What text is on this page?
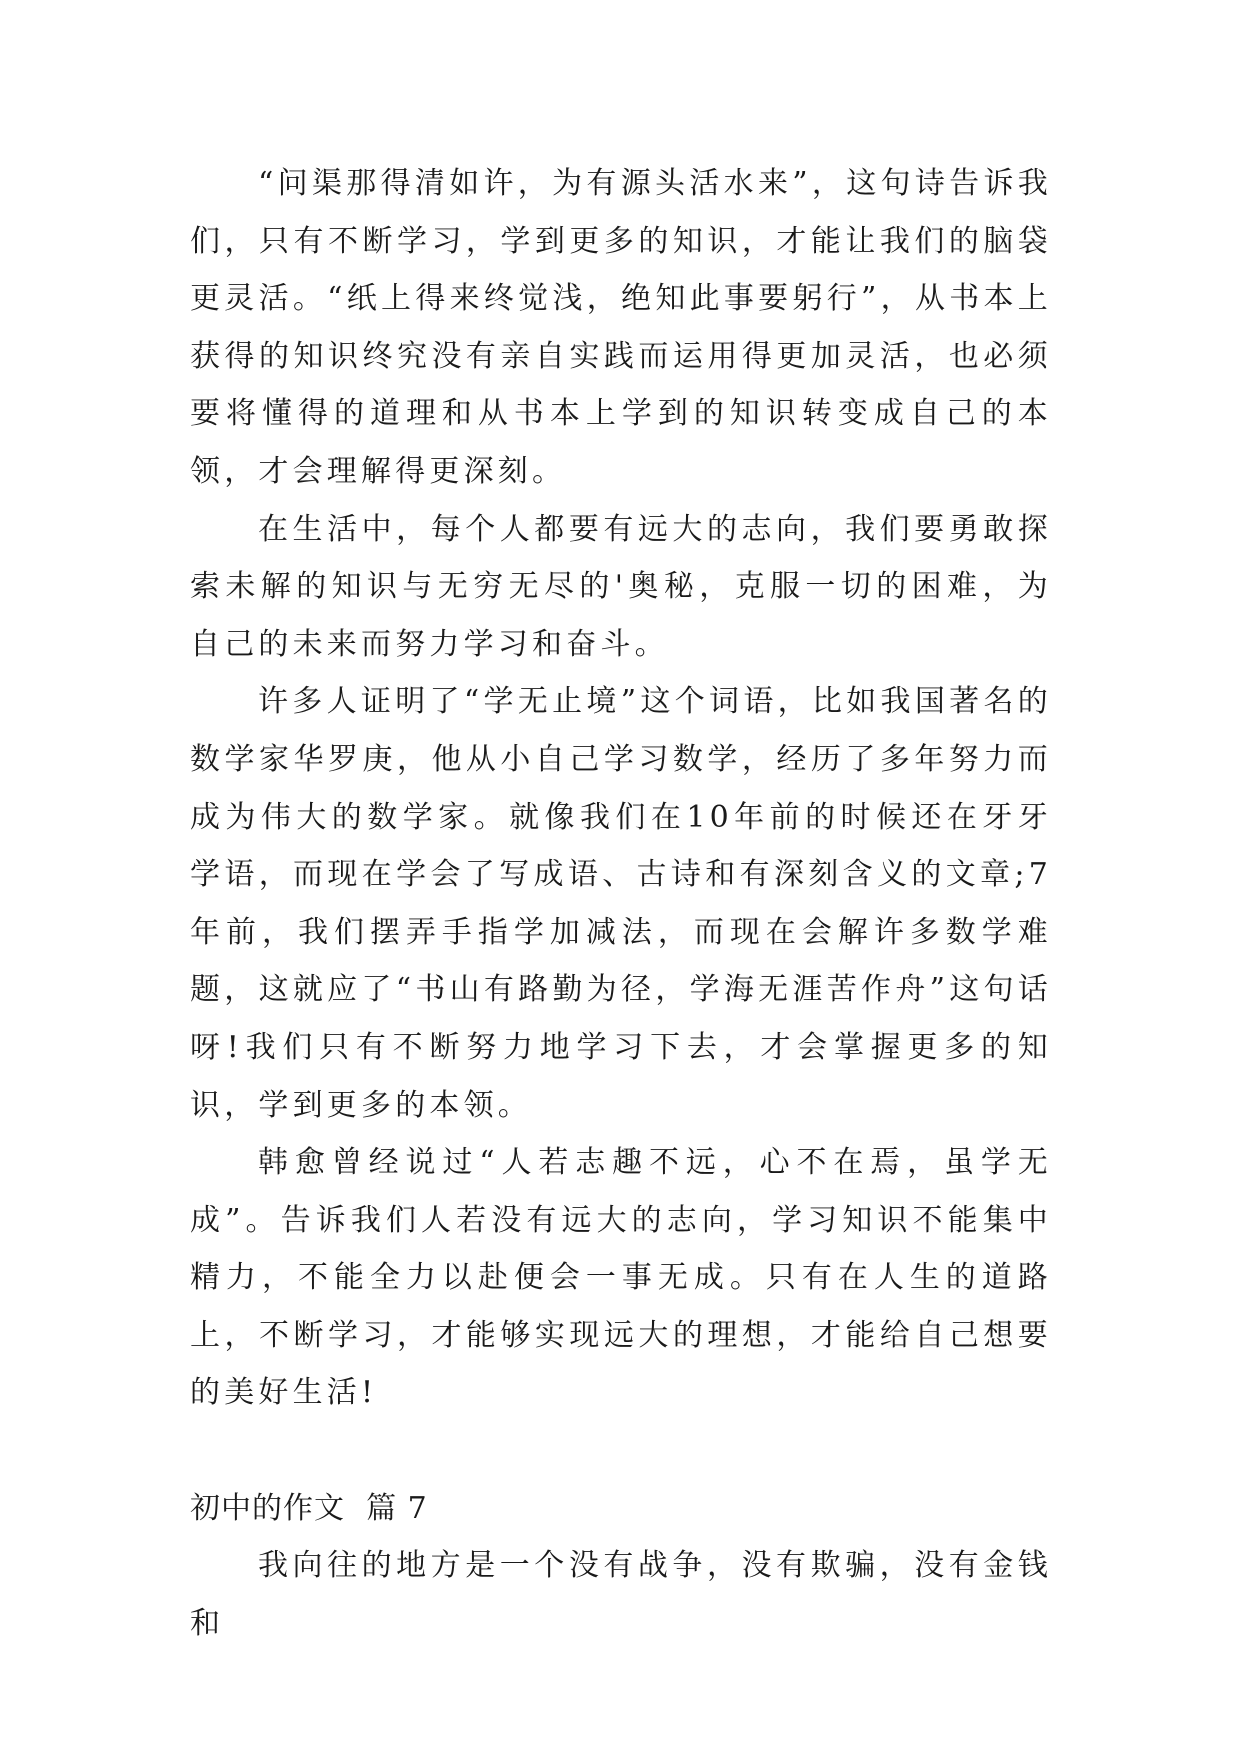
“问渠那得清如许，为有源头活水来”，这句诗告诉我们，只有不断学习，学到更多的知识，才能让我们的脑袋更灵活。“纸上得来终觉浅，绝知此事要躬行”，从书本上获得的知识终究没有亲自实践而运用得更加灵活，也必须要将懂得的道理和从书本上学到的知识转变成自己的本领，才会理解得更深刻。

在生活中，每个人都要有远大的志向，我们要勇敢探索未解的知识与无穷无尽的'奥秘，克服一切的困难，为自己的未来而努力学习和奋斗。

许多人证明了“学无止境”这个词语，比如我国著名的数学家华罗庚，他从小自己学习数学，经历了多年努力而成为伟大的数学家。就像我们在10年前的时候还在牙牙学语，而现在学会了写成语、古诗和有深刻含义的文章;7年前，我们摆弄手指学加减法，而现在会解许多数学难题，这就应了“书山有路勤为径，学海无涯苦作舟”这句话呀!我们只有不断努力地学习下去，才会掌握更多的知识，学到更多的本领。

韩愈曾经说过“人若志趣不远，心不在焉，虽学无成”。告诉我们人若没有远大的志向，学习知识不能集中精力，不能全力以赴便会一事无成。只有在人生的道路上，不断学习，才能够实现远大的理想，才能给自己想要的美好生活!

初中的作文  篇 7

我向往的地方是一个没有战争，没有欺骗，没有金钱和
